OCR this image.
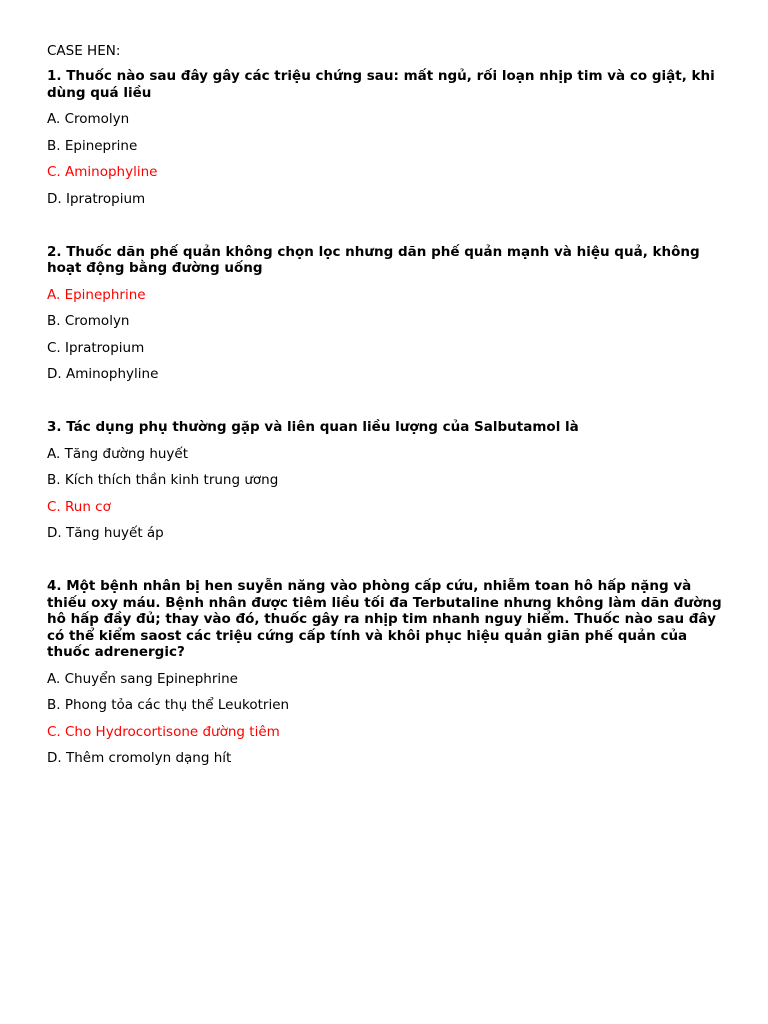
CASE HEN:
1. Thuốc nào sau đây gây các triệu chứng sau: mất ngủ, rối loạn nhịp tim và co giật, khi dùng quá liều
A. Cromolyn
B. Epineprine
C. Aminophyline
D. Ipratropium
2. Thuốc dãn phế quản không chọn lọc nhưng dãn phế quản mạnh và hiệu quả, không hoạt động bằng đường uống
A. Epinephrine
B. Cromolyn
C. Ipratropium
D. Aminophyline
3. Tác dụng phụ thường gặp và liên quan liều lượng của Salbutamol là
A. Tăng đường huyết
B. Kích thích thần kinh trung ương
C. Run cơ
D. Tăng huyết áp
4. Một bệnh nhân bị hen suyễn năng vào phòng cấp cứu, nhiễm toan hô hấp nặng và thiếu oxy máu. Bệnh nhân được tiêm liều tối đa Terbutaline nhưng không làm dãn đường hô hấp đầy đủ; thay vào đó, thuốc gây ra nhịp tim nhanh nguy hiểm. Thuốc nào sau đây có thể kiểm saost các triệu cứng cấp tính và khôi phục hiệu quản giãn phế quản của thuốc adrenergic?
A. Chuyển sang Epinephrine
B. Phong tỏa các thụ thể Leukotrien
C. Cho Hydrocortisone đường tiêm
D. Thêm cromolyn dạng hít
